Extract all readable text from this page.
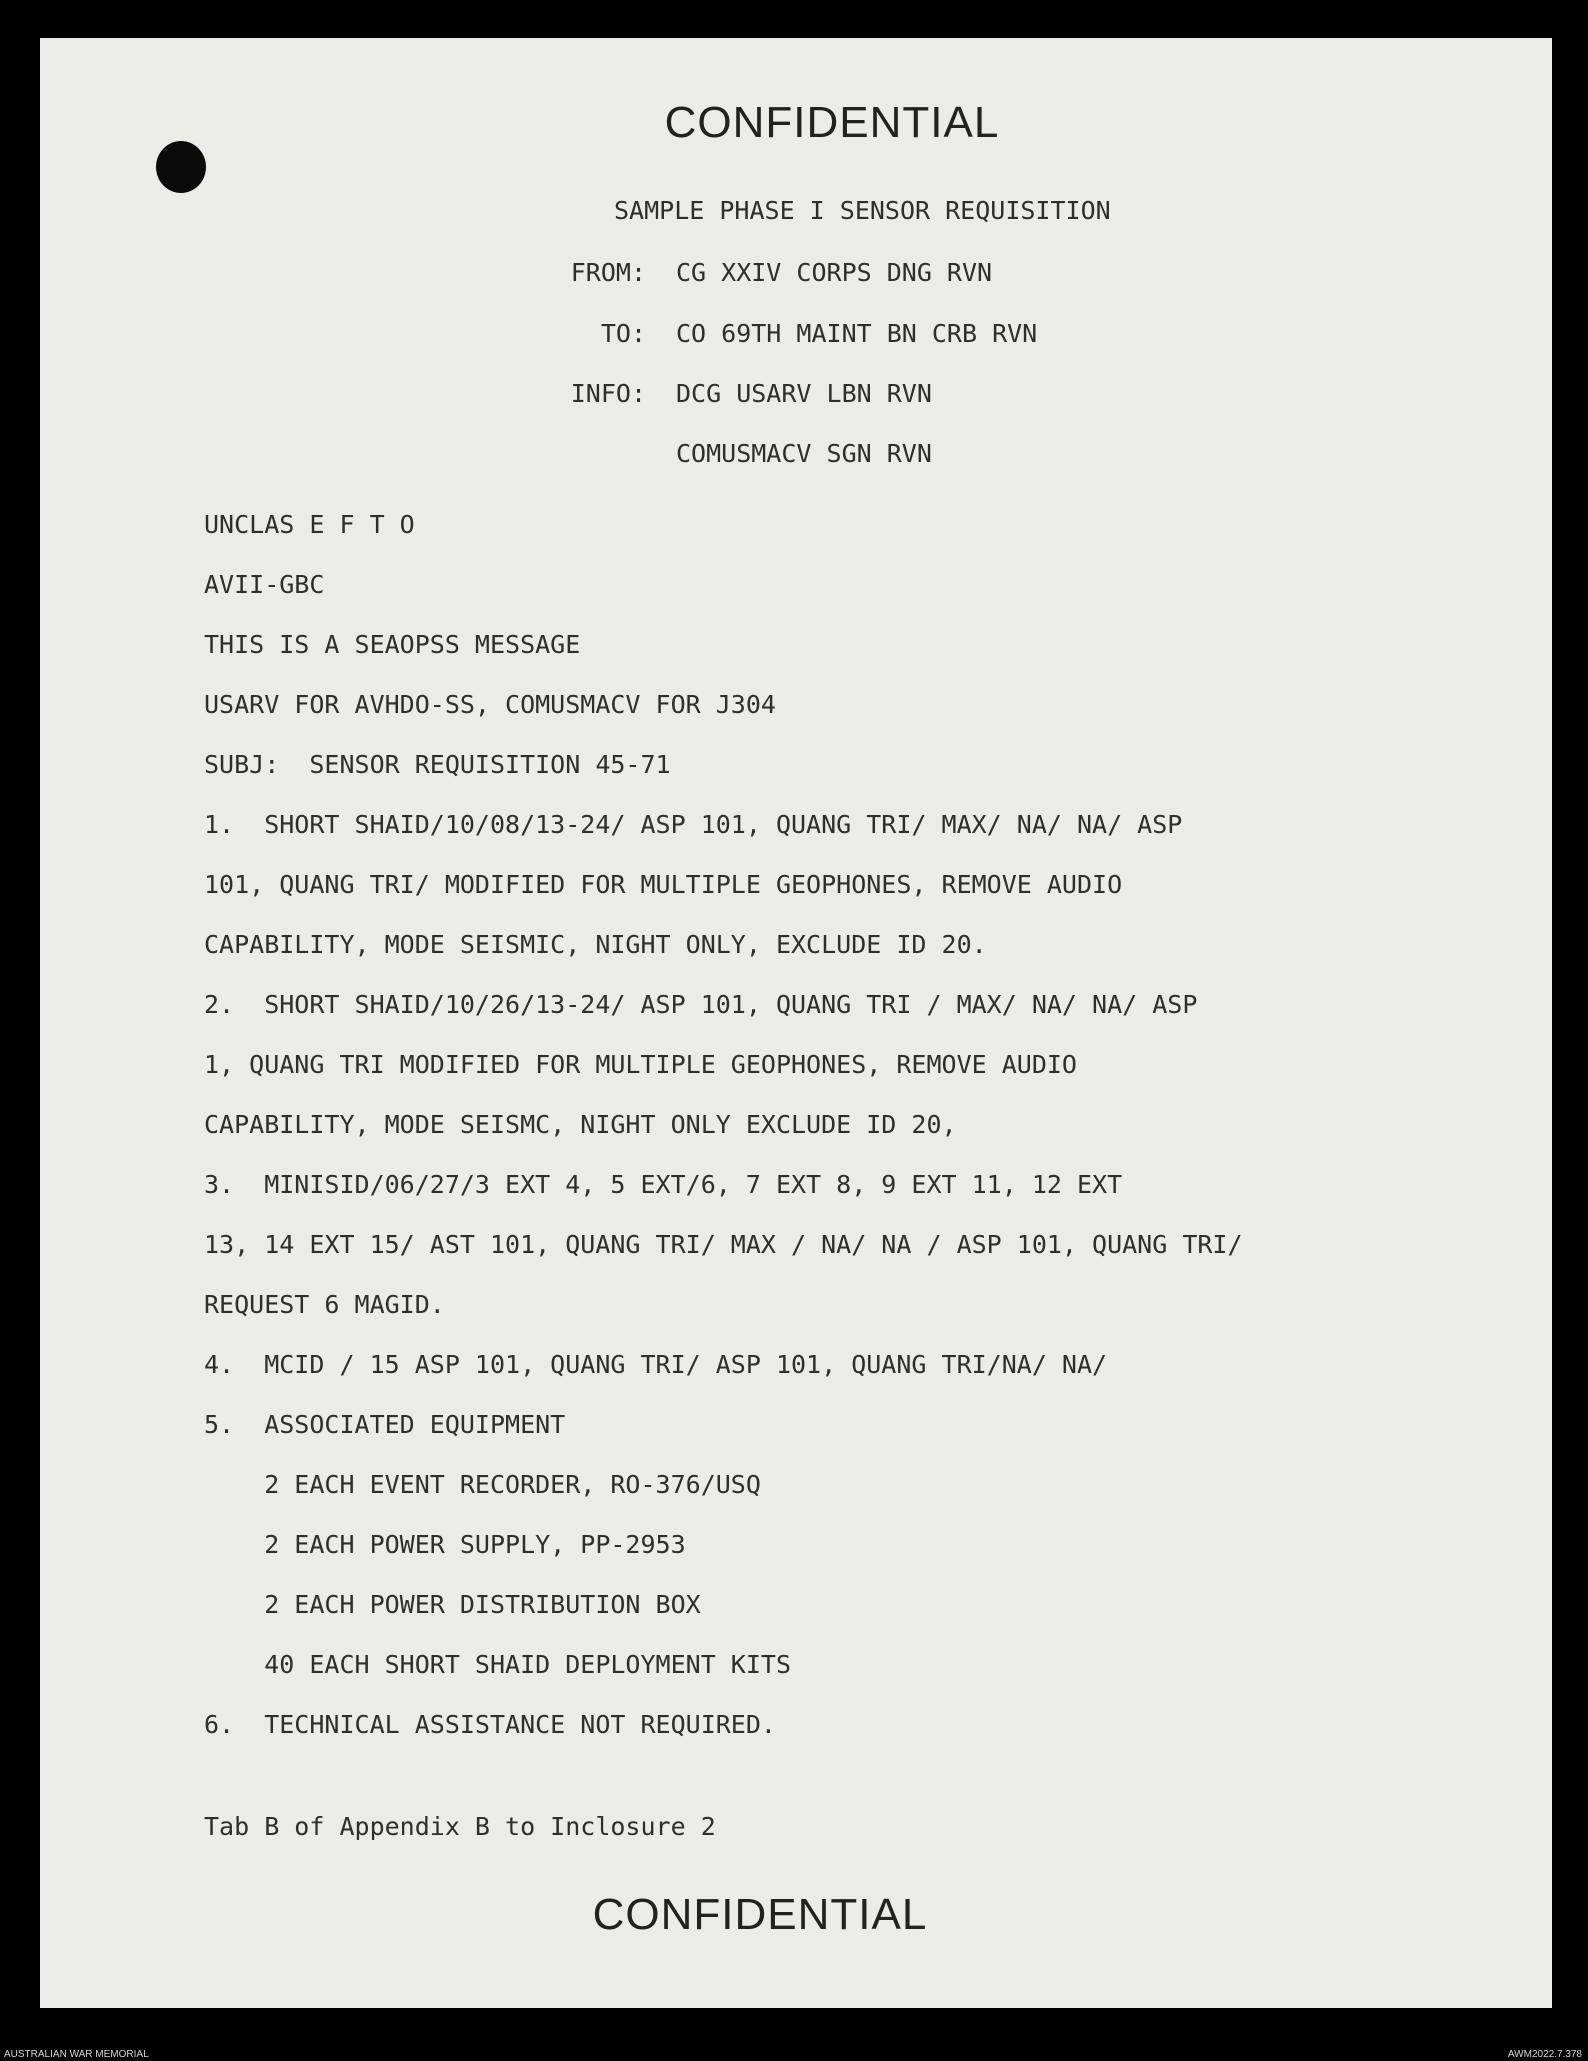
CONFIDENTIAL
SAMPLE PHASE I SENSOR REQUISITION
FROM: CG XXIV CORPS DNG RVN
TO: CO 69TH MAINT BN CRB RVN
INFO: DCG USARV LBN RVN
COMUSMACV SGN RVN
UNCLAS E F T O
AVII-GBC
THIS IS A SEAOPSS MESSAGE
USARV FOR AVHDO-SS, COMUSMACV FOR J304
SUBJ:  SENSOR REQUISITION 45-71
1.  SHORT SHAID/10/08/13-24/ ASP 101, QUANG TRI/ MAX/ NA/ NA/ ASP
101, QUANG TRI/ MODIFIED FOR MULTIPLE GEOPHONES, REMOVE AUDIO
CAPABILITY, MODE SEISMIC, NIGHT ONLY, EXCLUDE ID 20.
2.  SHORT SHAID/10/26/13-24/ ASP 101, QUANG TRI / MAX/ NA/ NA/ ASP
1, QUANG TRI MODIFIED FOR MULTIPLE GEOPHONES, REMOVE AUDIO
CAPABILITY, MODE SEISMC, NIGHT ONLY EXCLUDE ID 20,
3.  MINISID/06/27/3 EXT 4, 5 EXT/6, 7 EXT 8, 9 EXT 11, 12 EXT
13, 14 EXT 15/ AST 101, QUANG TRI/ MAX / NA/ NA / ASP 101, QUANG TRI/
REQUEST 6 MAGID.
4.  MCID / 15 ASP 101, QUANG TRI/ ASP 101, QUANG TRI/NA/ NA/
5.  ASSOCIATED EQUIPMENT
2 EACH EVENT RECORDER, RO-376/USQ
2 EACH POWER SUPPLY, PP-2953
2 EACH POWER DISTRIBUTION BOX
40 EACH SHORT SHAID DEPLOYMENT KITS
6.  TECHNICAL ASSISTANCE NOT REQUIRED.
Tab B of Appendix B to Inclosure 2
CONFIDENTIAL
AUSTRALIAN WAR MEMORIAL	AWM2022.7.378
